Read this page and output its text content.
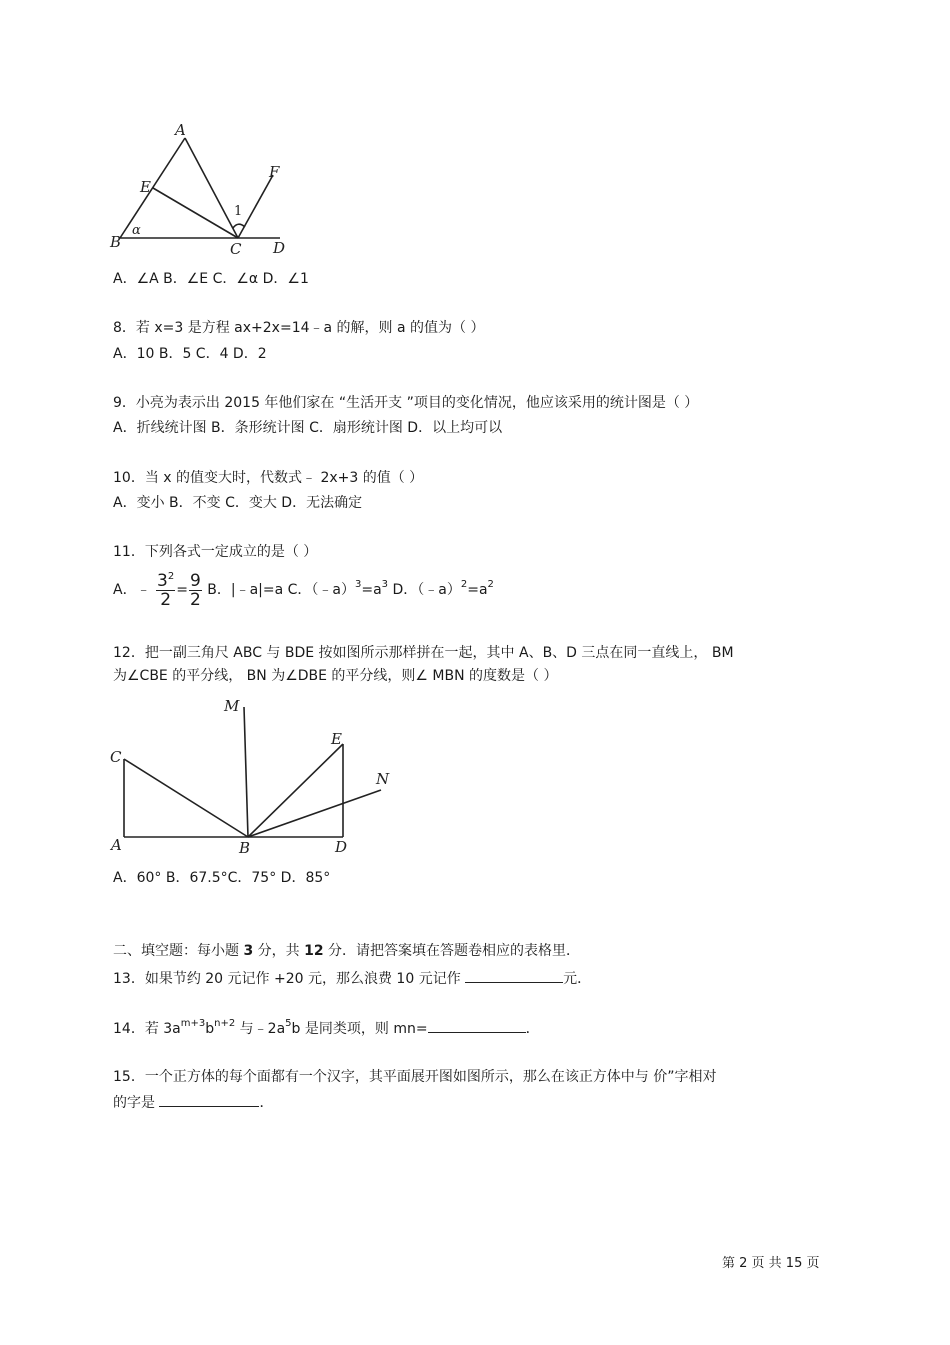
A
E
F
1
B
α
C D
A．∠A B．∠E C．∠α D．∠1
8．若 x=3 是方程 ax+2x=14﹣a 的解，则 a 的值为（ ）
A．10 B．5 C．4 D．2
9．小亮为表示出 2015 年他们家在 “生活开支 ”项目的变化情况，他应该采用的统计图是（ ）
A．折线统计图 B．条形统计图 C．扇形统计图 D．以上均可以
10．当 x 的值变大时，代数式﹣ 2x+3 的值（ ）
A．变小 B．不变 C．变大 D．无法确定
11．下列各式一定成立的是（ ）
A．﹣ $\frac{3^2}{2} = \frac{9}{2}$ B．|﹣a|=a C．$(﹣a)^3=a^3$ D．$(﹣a)^2=a^2$
12．把一副三角尺 ABC 与 BDE 按如图所示那样拼在一起，其中 A、B、D 三点在同一直线上， BM
为∠CBE 的平分线， BN 为∠DBE 的平分线，则∠ MBN 的度数是（ ）
M
C
E
N
A	B	D
A．60° B．67.5°C．75° D．85°
二、填空题：每小题 3 分，共 12 分．请把答案填在答题卷相应的表格里．
13．如果节约 20 元记作 +20 元，那么浪费 10 元记作	元．
14．若 $3a^{m+3}b^{n+2}$ 与$﹣2a^5b$ 是同类项，则 mn=	．
15．一个正方体的每个面都有一个汉字，其平面展开图如图所示，那么在该正方体中与 价”字相对
的字是	．
第 2 页 共 15 页
